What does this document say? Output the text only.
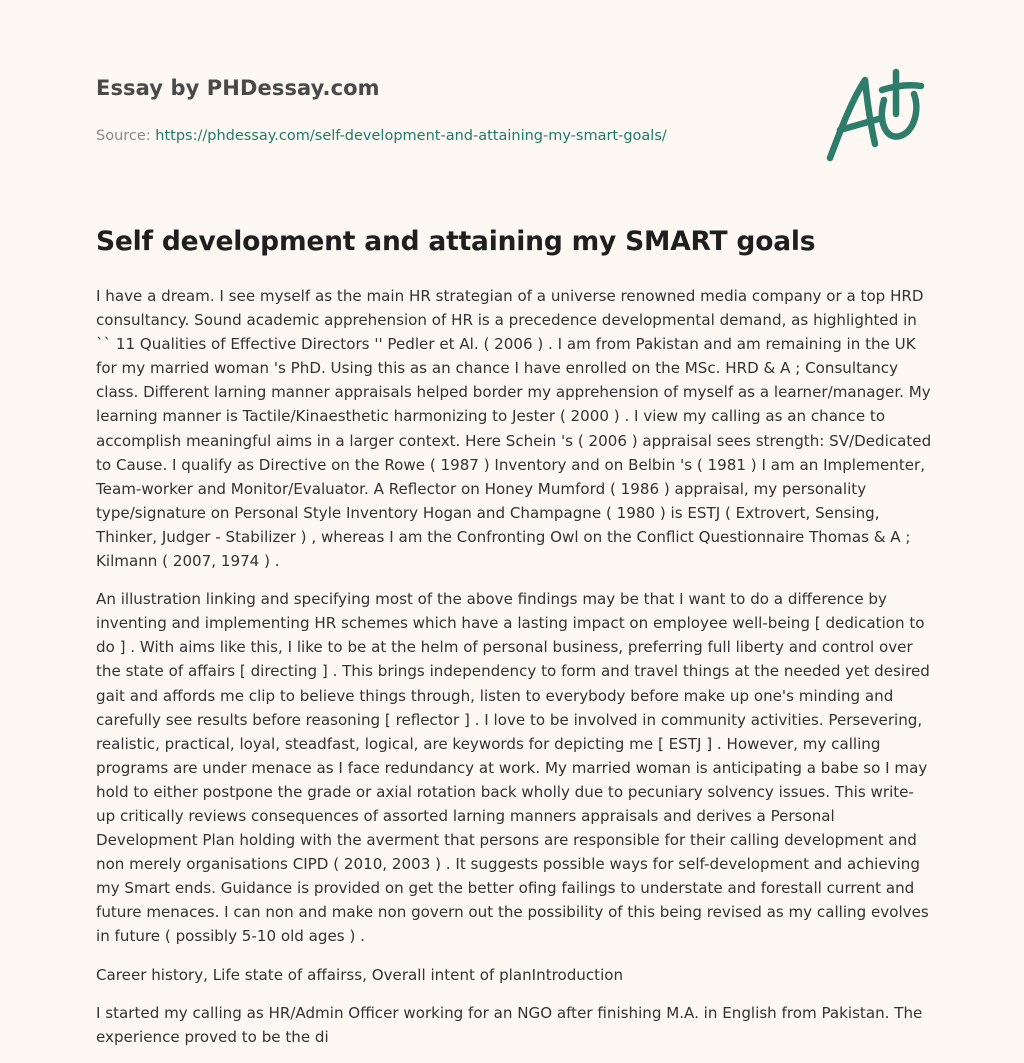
Essay by PHDessay.com
Source: https://phdessay.com/self-development-and-attaining-my-smart-goals/
Self development and attaining my SMART goals

I have a dream. I see myself as the main HR strategian of a universe renowned media company or a top HRD consultancy. Sound academic apprehension of HR is a precedence developmental demand, as highlighted in `` 11 Qualities of Effective Directors '' Pedler et Al. ( 2006 ) . I am from Pakistan and am remaining in the UK for my married woman 's PhD. Using this as an chance I have enrolled on the MSc. HRD & A ; Consultancy class. Different larning manner appraisals helped border my apprehension of myself as a learner/manager. My learning manner is Tactile/Kinaesthetic harmonizing to Jester ( 2000 ) . I view my calling as an chance to accomplish meaningful aims in a larger context. Here Schein 's ( 2006 ) appraisal sees strength: SV/Dedicated to Cause. I qualify as Directive on the Rowe ( 1987 ) Inventory and on Belbin 's ( 1981 ) I am an Implementer, Team-worker and Monitor/Evaluator. A Reflector on Honey Mumford ( 1986 ) appraisal, my personality type/signature on Personal Style Inventory Hogan and Champagne ( 1980 ) is ESTJ ( Extrovert, Sensing, Thinker, Judger - Stabilizer ) , whereas I am the Confronting Owl on the Conflict Questionnaire Thomas & A ; Kilmann ( 2007, 1974 ) .

An illustration linking and specifying most of the above findings may be that I want to do a difference by inventing and implementing HR schemes which have a lasting impact on employee well-being [ dedication to do ] . With aims like this, I like to be at the helm of personal business, preferring full liberty and control over the state of affairs [ directing ] . This brings independency to form and travel things at the needed yet desired gait and affords me clip to believe things through, listen to everybody before make up one's minding and carefully see results before reasoning [ reflector ] . I love to be involved in community activities. Persevering, realistic, practical, loyal, steadfast, logical, are keywords for depicting me [ ESTJ ] . However, my calling programs are under menace as I face redundancy at work. My married woman is anticipating a babe so I may hold to either postpone the grade or axial rotation back wholly due to pecuniary solvency issues. This write-up critically reviews consequences of assorted larning manners appraisals and derives a Personal Development Plan holding with the averment that persons are responsible for their calling development and non merely organisations CIPD ( 2010, 2003 ) . It suggests possible ways for self-development and achieving my Smart ends. Guidance is provided on get the better ofing failings to understate and forestall current and future menaces. I can non and make non govern out the possibility of this being revised as my calling evolves in future ( possibly 5-10 old ages ) .

Career history, Life state of affairss, Overall intent of planIntroduction

I started my calling as HR/Admin Officer working for an NGO after finishing M.A. in English from Pakistan. The experience proved to be the di
